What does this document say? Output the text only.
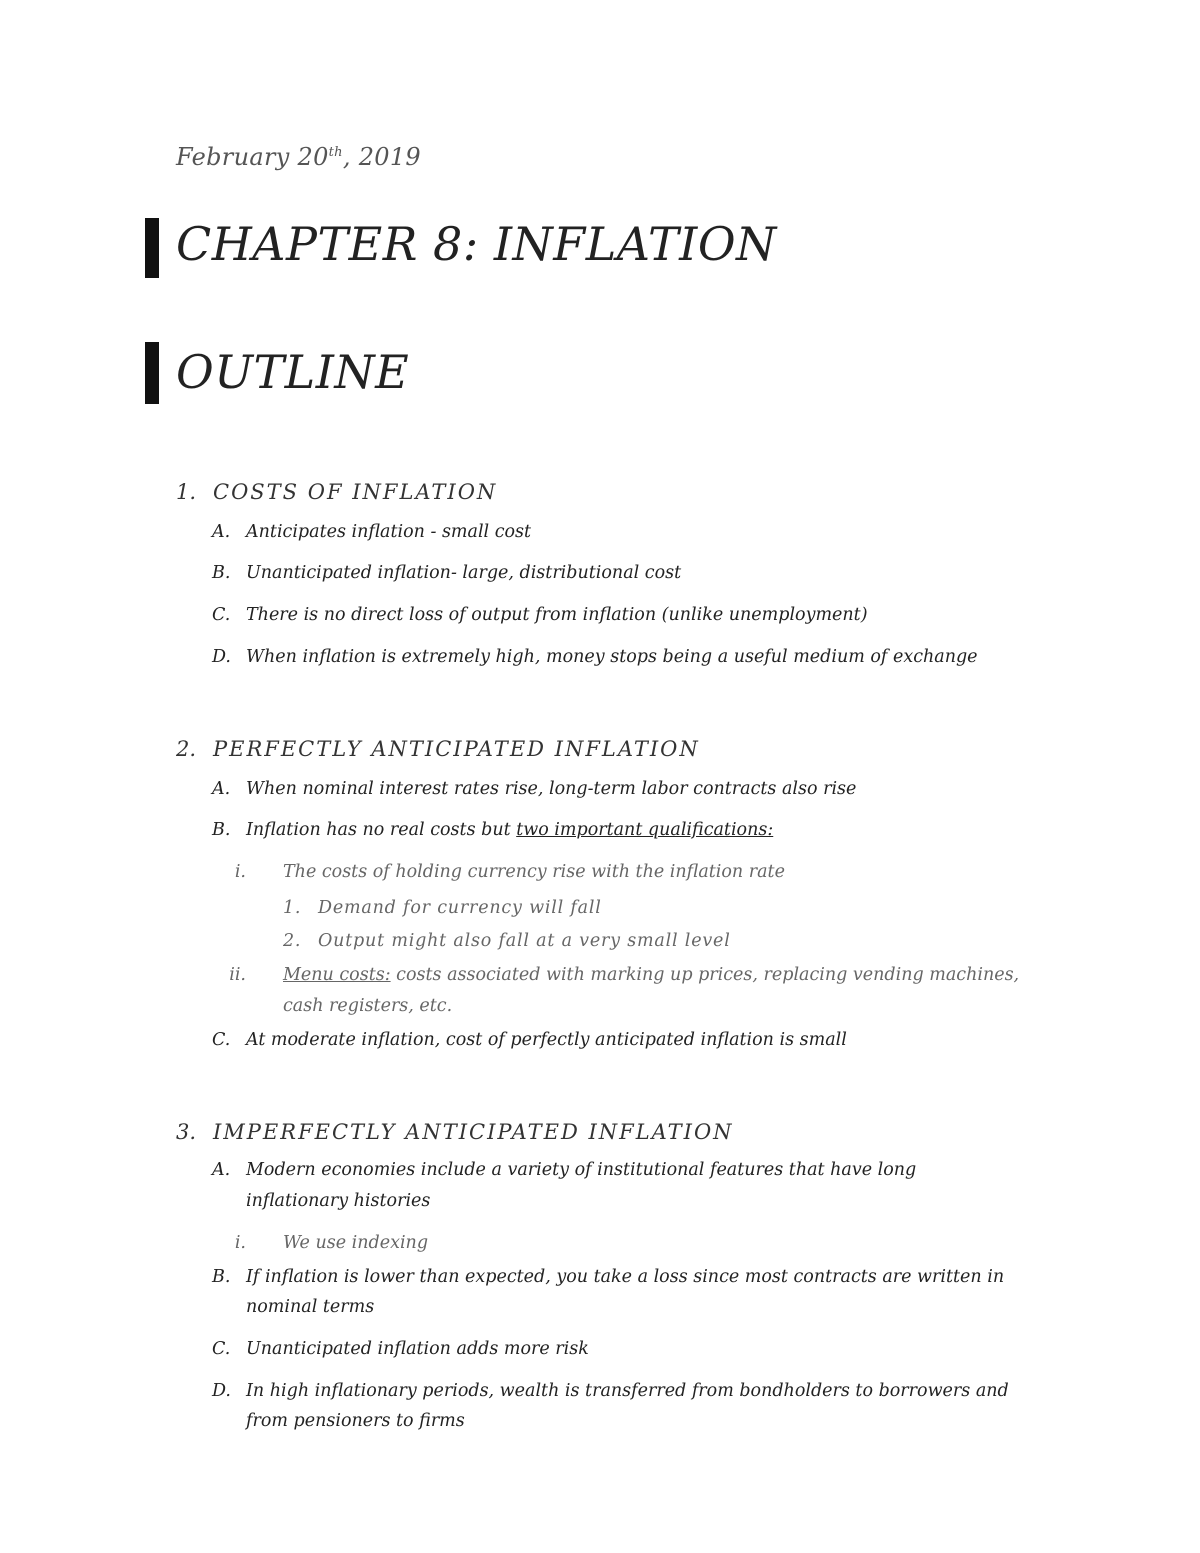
February 20th, 2019
CHAPTER 8: INFLATION
OUTLINE
1. COSTS OF INFLATION
A. Anticipates inflation - small cost
B. Unanticipated inflation- large, distributional cost
C. There is no direct loss of output from inflation (unlike unemployment)
D. When inflation is extremely high, money stops being a useful medium of exchange
2. PERFECTLY ANTICIPATED INFLATION
A. When nominal interest rates rise, long-term labor contracts also rise
B. Inflation has no real costs but two important qualifications:
i. The costs of holding currency rise with the inflation rate
1. Demand for currency will fall
2. Output might also fall at a very small level
ii. Menu costs: costs associated with marking up prices, replacing vending machines,
cash registers, etc.
C. At moderate inflation, cost of perfectly anticipated inflation is small
3. IMPERFECTLY ANTICIPATED INFLATION
A. Modern economies include a variety of institutional features that have long
inflationary histories
i. We use indexing
B. If inflation is lower than expected, you take a loss since most contracts are written in
nominal terms
C. Unanticipated inflation adds more risk
D. In high inflationary periods, wealth is transferred from bondholders to borrowers and
from pensioners to firms
